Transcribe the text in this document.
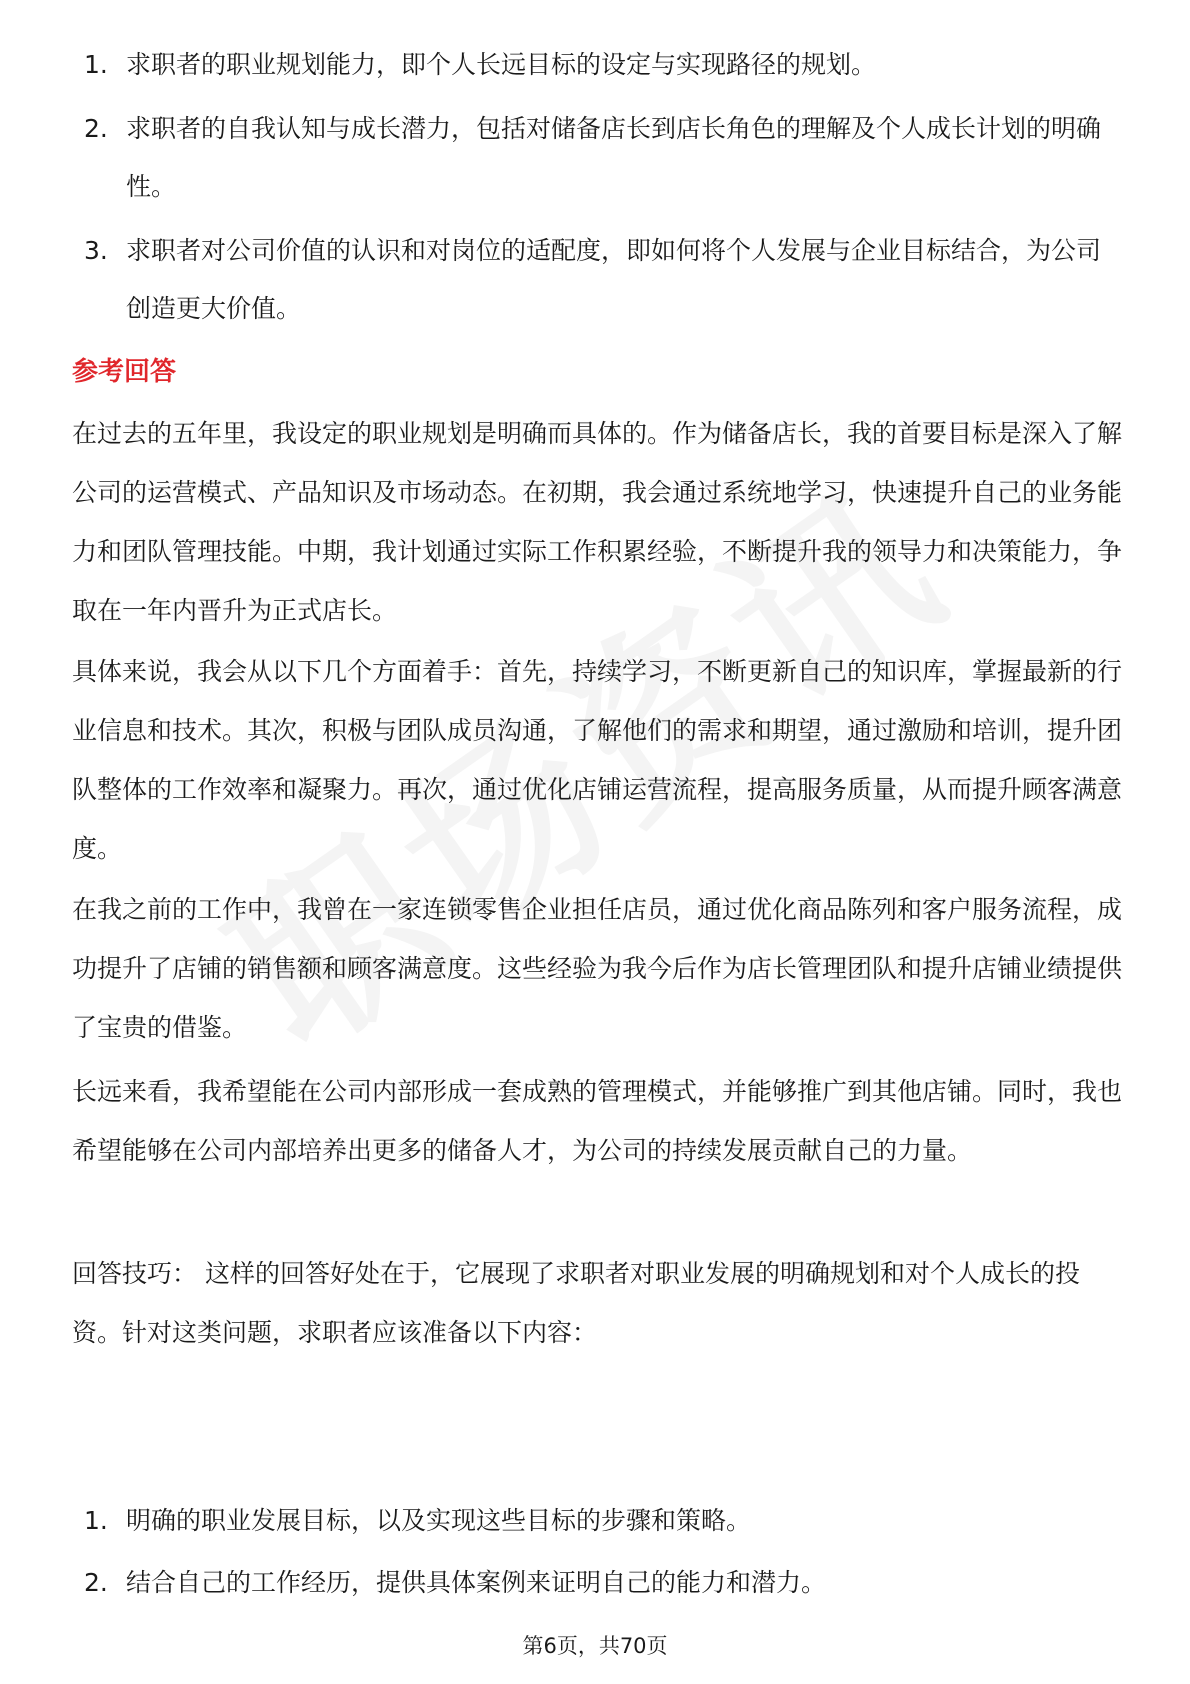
1. 求职者的职业规划能力，即个人长远目标的设定与实现路径的规划。
2. 求职者的自我认知与成长潜力，包括对储备店长到店长角色的理解及个人成长计划的明确性。
3. 求职者对公司价值的认识和对岗位的适配度，即如何将个人发展与企业目标结合，为公司创造更大价值。
参考回答

在过去的五年里，我设定的职业规划是明确而具体的。作为储备店长，我的首要目标是深入了解公司的运营模式、产品知识及市场动态。在初期，我会通过系统地学习，快速提升自己的业务能力和团队管理技能。中期，我计划通过实际工作积累经验，不断提升我的领导力和决策能力，争取在一年内晋升为正式店长。

具体来说，我会从以下几个方面着手：首先，持续学习，不断更新自己的知识库，掌握最新的行业信息和技术。其次，积极与团队成员沟通，了解他们的需求和期望，通过激励和培训，提升团队整体的工作效率和凝聚力。再次，通过优化店铺运营流程，提高服务质量，从而提升顾客满意度。

在我之前的工作中，我曾在一家连锁零售企业担任店员，通过优化商品陈列和客户服务流程，成功提升了店铺的销售额和顾客满意度。这些经验为我今后作为店长管理团队和提升店铺业绩提供了宝贵的借鉴。

长远来看，我希望能在公司内部形成一套成熟的管理模式，并能够推广到其他店铺。同时，我也希望能够在公司内部培养出更多的储备人才，为公司的持续发展贡献自己的力量。

回答技巧： 这样的回答好处在于，它展现了求职者对职业发展的明确规划和对个人成长的投资。针对这类问题，求职者应该准备以下内容：

1. 明确的职业发展目标，以及实现这些目标的步骤和策略。
2. 结合自己的工作经历，提供具体案例来证明自己的能力和潜力。
第6页，共70页
